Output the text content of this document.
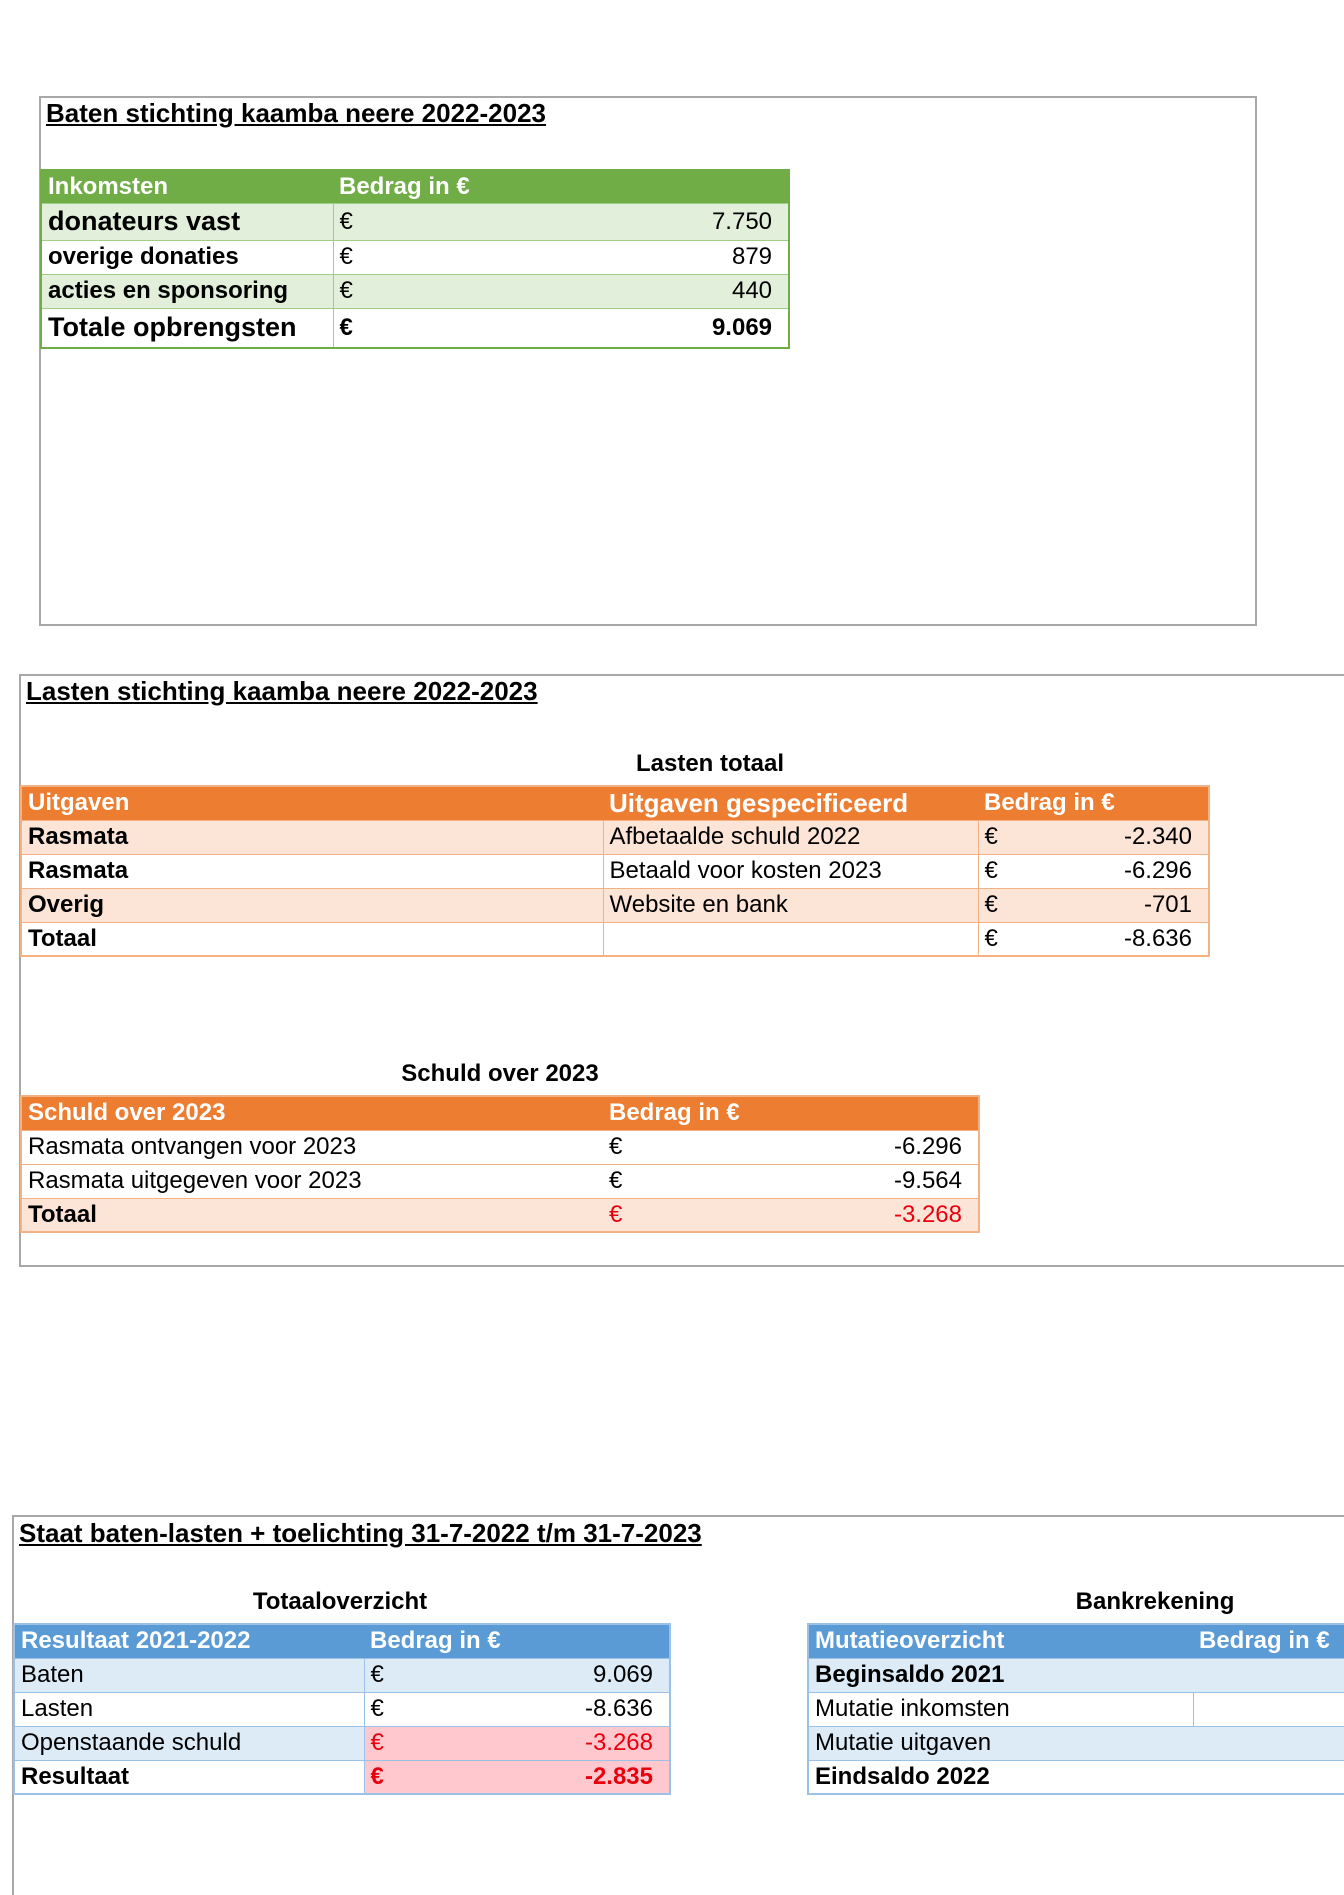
Baten stichting kaamba neere 2022-2023
Inkomsten	Bedrag in €	
donateurs vast	€	7.750
overige donaties	€	879
acties en sponsoring	€	440
Totale opbrengsten	€	9.069
Lasten stichting kaamba neere 2022-2023
Lasten totaal
Uitgaven	Uitgaven gespecificeerd	Bedrag in €	
Rasmata	Afbetaalde schuld 2022	€	-2.340
Rasmata	Betaald voor kosten 2023	€	-6.296
Overig	Website en bank	€	-701
Totaal		€	-8.636
Schuld over 2023
Schuld over 2023	Bedrag in €	
Rasmata ontvangen voor 2023	€	-6.296
Rasmata uitgegeven voor 2023	€	-9.564
Totaal	€	-3.268
Staat baten-lasten + toelichting 31-7-2022 t/m 31-7-2023
Totaaloverzicht
Resultaat 2021-2022	Bedrag in €	
Baten	€	9.069
Lasten	€	-8.636
Openstaande schuld	€	-3.268
Resultaat	€	-2.835
Bankrekening
Mutatieoverzicht	Bedrag in €
Beginsaldo 2021	
Mutatie inkomsten	
Mutatie uitgaven	
Eindsaldo 2022	
